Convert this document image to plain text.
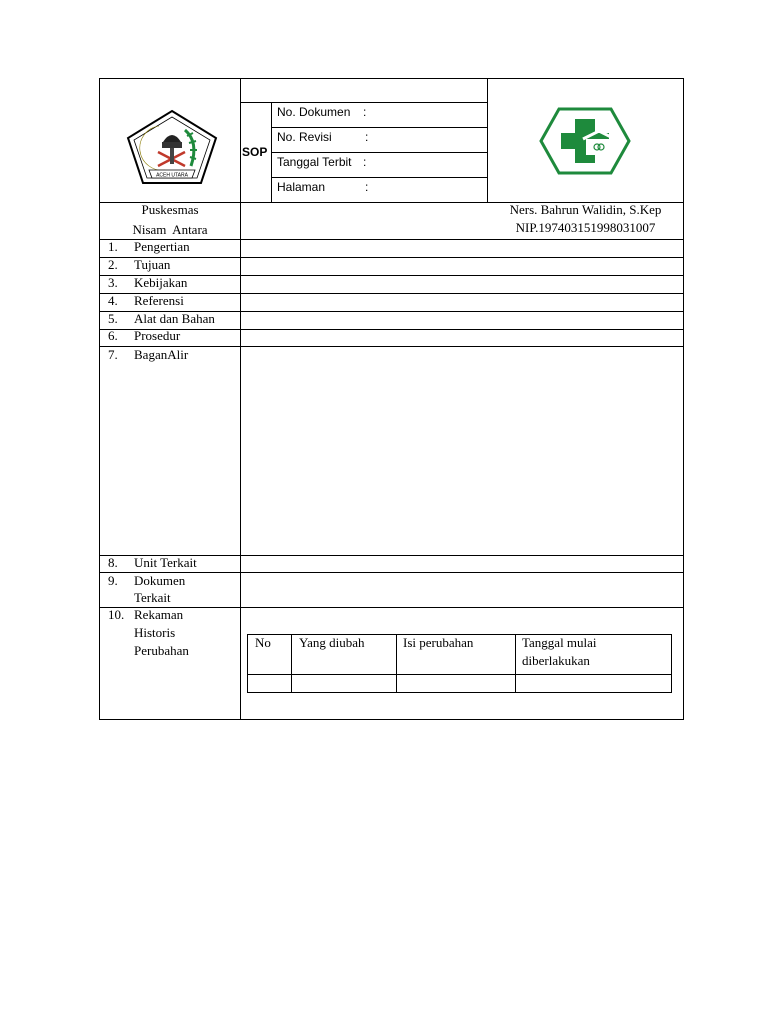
ACEH UTARA
SOP
No. Dokumen :
No. Revisi	:
Tanggal Terbit :
Halaman	:
Puskesmas
Nisam  Antara
Ners. Bahrun Walidin, S.Kep
NIP.197403151998031007
1. Pengertian
2. Tujuan
3. Kebijakan
4. Referensi
5. Alat dan Bahan
6. Prosedur
7. BaganAlir
8. Unit Terkait
9. Dokumen
Terkait
10. Rekaman
Historis
Perubahan
No Yang diubah	Isi perubahan	Tanggal mulai
diberlakukan
